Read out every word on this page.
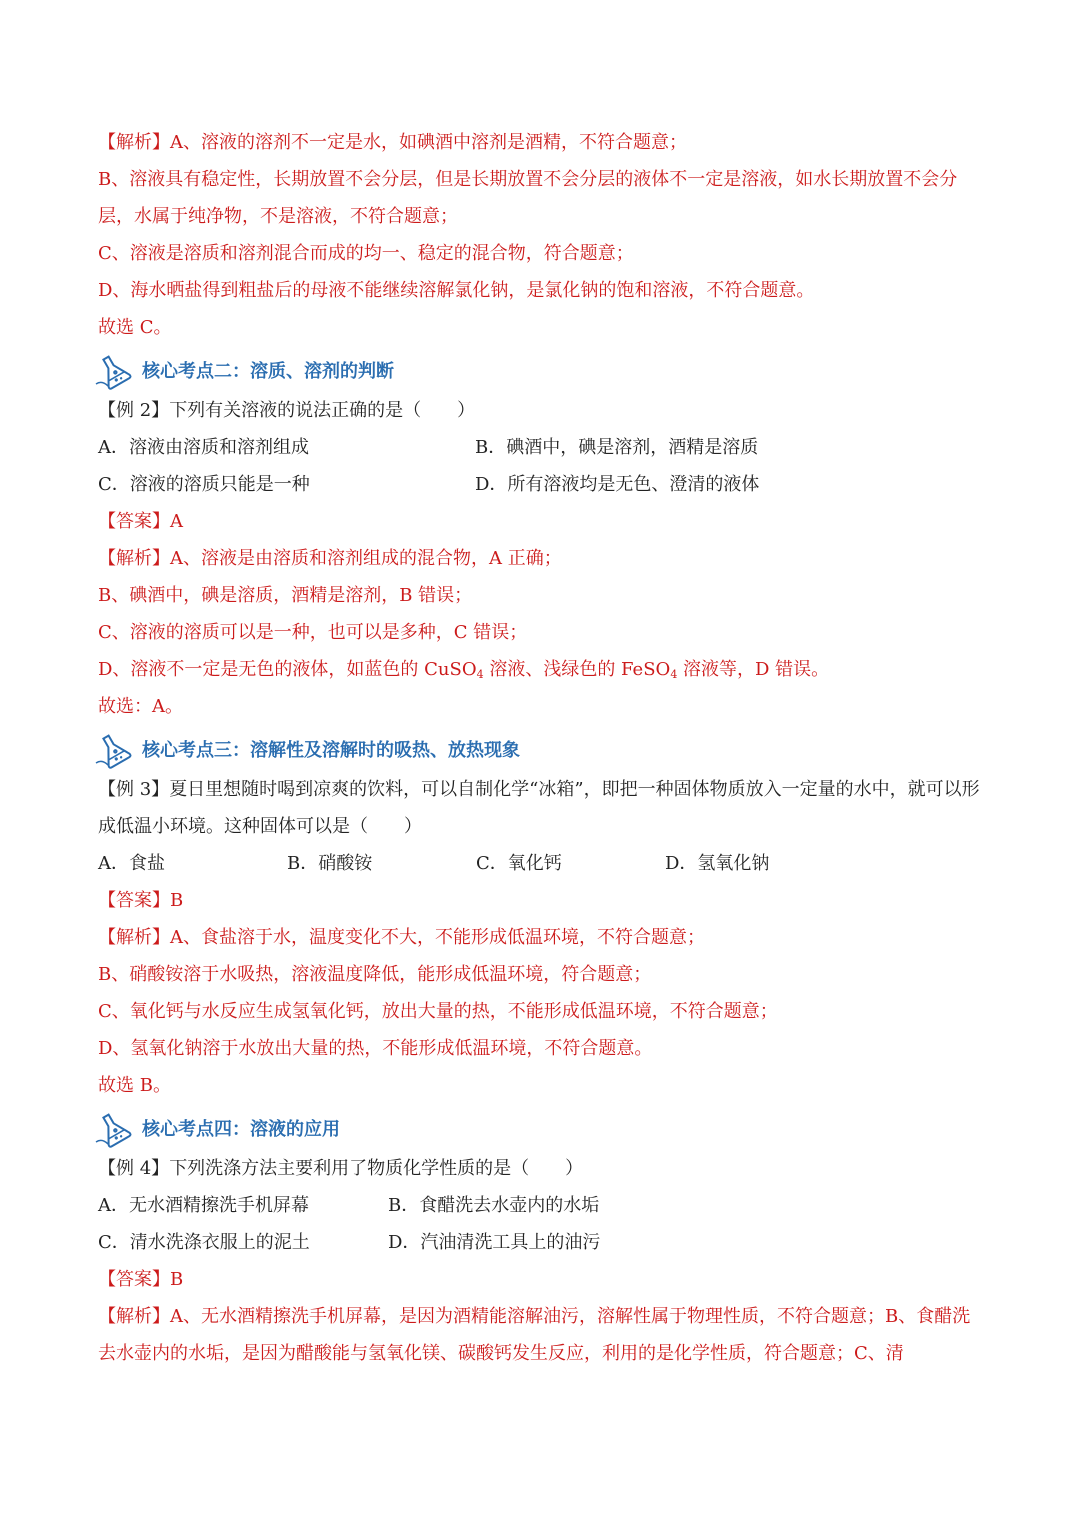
【解析】A、溶液的溶剂不一定是水，如碘酒中溶剂是酒精，不符合题意；
B、溶液具有稳定性，长期放置不会分层，但是长期放置不会分层的液体不一定是溶液，如水长期放置不会分层，水属于纯净物，不是溶液，不符合题意；
C、溶液是溶质和溶剂混合而成的均一、稳定的混合物，符合题意；
D、海水晒盐得到粗盐后的母液不能继续溶解氯化钠，是氯化钠的饱和溶液，不符合题意。
故选 C。
核心考点二：溶质、溶剂的判断
【例 2】下列有关溶液的说法正确的是（　　）
A．溶液由溶质和溶剂组成	B．碘酒中，碘是溶剂，酒精是溶质
C．溶液的溶质只能是一种	D．所有溶液均是无色、澄清的液体
【答案】A
【解析】A、溶液是由溶质和溶剂组成的混合物，A 正确；
B、碘酒中，碘是溶质，酒精是溶剂，B 错误；
C、溶液的溶质可以是一种，也可以是多种，C 错误；
D、溶液不一定是无色的液体，如蓝色的 CuSO$_4$ 溶液、浅绿色的 FeSO$_4$ 溶液等，D 错误。
故选：A。
核心考点三：溶解性及溶解时的吸热、放热现象
【例 3】夏日里想随时喝到凉爽的饮料，可以自制化学“冰箱”，即把一种固体物质放入一定量的水中，就可以形成低温小环境。这种固体可以是（　　）
A．食盐	B．硝酸铵	C．氧化钙	D．氢氧化钠
【答案】B
【解析】A、食盐溶于水，温度变化不大，不能形成低温环境，不符合题意；
B、硝酸铵溶于水吸热，溶液温度降低，能形成低温环境，符合题意；
C、氧化钙与水反应生成氢氧化钙，放出大量的热，不能形成低温环境，不符合题意；
D、氢氧化钠溶于水放出大量的热，不能形成低温环境，不符合题意。
故选 B。
核心考点四：溶液的应用
【例 4】下列洗涤方法主要利用了物质化学性质的是（　　）
A．无水酒精擦洗手机屏幕	B．食醋洗去水壶内的水垢
C．清水洗涤衣服上的泥土	D．汽油清洗工具上的油污
【答案】B
【解析】A、无水酒精擦洗手机屏幕，是因为酒精能溶解油污，溶解性属于物理性质，不符合题意；B、食醋洗去水壶内的水垢，是因为醋酸能与氢氧化镁、碳酸钙发生反应，利用的是化学性质，符合题意；C、清
